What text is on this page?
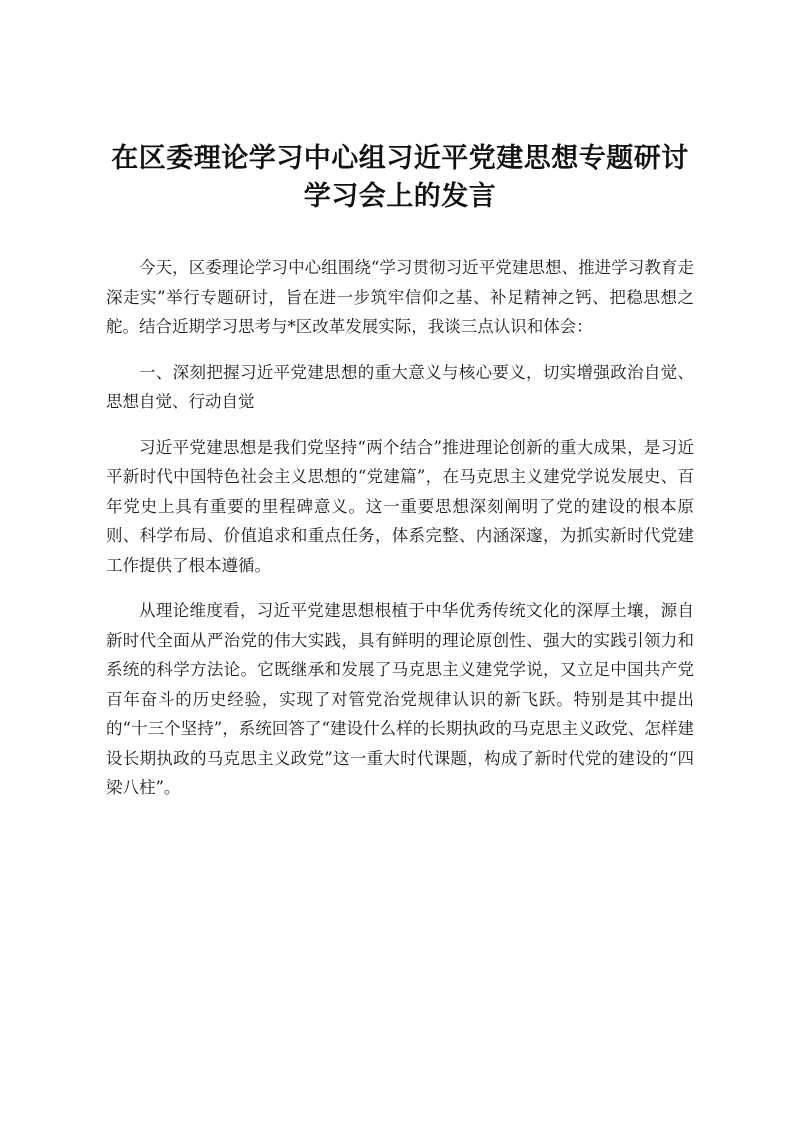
在区委理论学习中心组习近平党建思想专题研讨学习会上的发言

今天，区委理论学习中心组围绕“学习贯彻习近平党建思想、推进学习教育走深走实”举行专题研讨，旨在进一步筑牢信仰之基、补足精神之钙、把稳思想之舵。结合近期学习思考与*区改革发展实际，我谈三点认识和体会：

一、深刻把握习近平党建思想的重大意义与核心要义，切实增强政治自觉、思想自觉、行动自觉

习近平党建思想是我们党坚持“两个结合”推进理论创新的重大成果，是习近平新时代中国特色社会主义思想的“党建篇”，在马克思主义建党学说发展史、百年党史上具有重要的里程碑意义。这一重要思想深刻阐明了党的建设的根本原则、科学布局、价值追求和重点任务，体系完整、内涵深邃，为抓实新时代党建工作提供了根本遵循。

从理论维度看，习近平党建思想根植于中华优秀传统文化的深厚土壤，源自新时代全面从严治党的伟大实践，具有鲜明的理论原创性、强大的实践引领力和系统的科学方法论。它既继承和发展了马克思主义建党学说，又立足中国共产党百年奋斗的历史经验，实现了对管党治党规律认识的新飞跃。特别是其中提出的“十三个坚持”，系统回答了“建设什么样的长期执政的马克思主义政党、怎样建设长期执政的马克思主义政党”这一重大时代课题，构成了新时代党的建设的“四梁八柱”。
